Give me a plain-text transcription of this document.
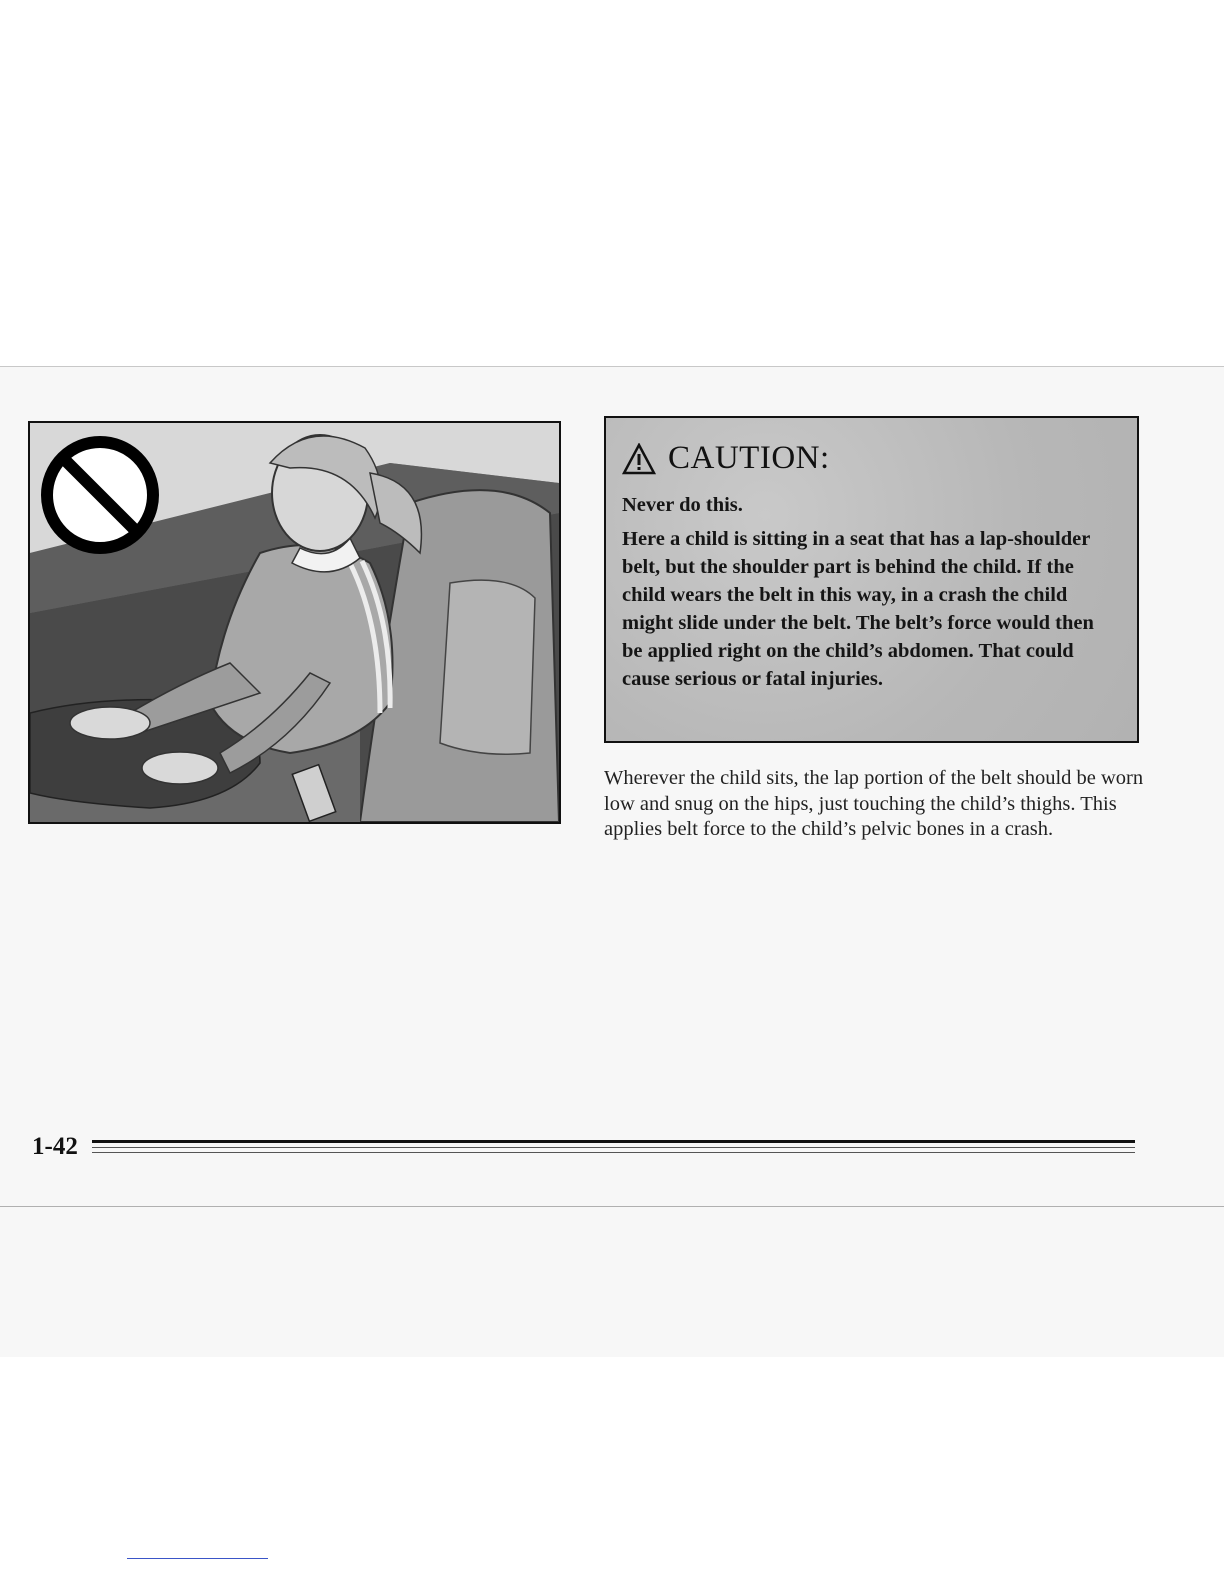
CAUTION:

Never do this.

Here a child is sitting in a seat that has a lap-shoulder belt, but the shoulder part is behind the child. If the child wears the belt in this way, in a crash the child might slide under the belt. The belt’s force would then be applied right on the child’s abdomen. That could cause serious or fatal injuries.

Wherever the child sits, the lap portion of the belt should be worn low and snug on the hips, just touching the child’s thighs. This applies belt force to the child’s pelvic bones in a crash.

1-42
